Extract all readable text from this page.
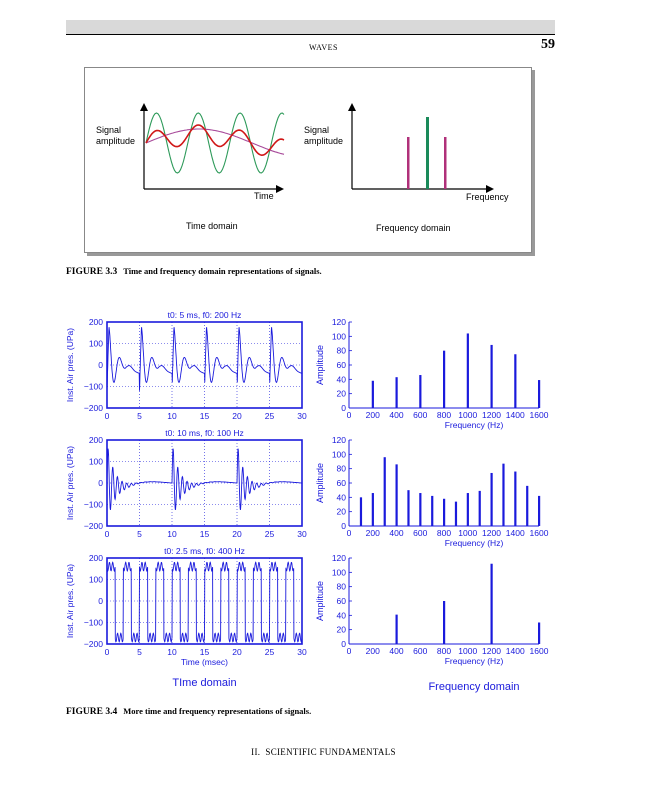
WAVES	59
Signal
amplitude
Time
Time domain
Signal
amplitude
Frequency
Frequency domain
FIGURE 3.3 Time and frequency domain representations of signals.
t0: 5 ms, f0: 200 Hz
200
100
0
−100
−200
0	5	10	15	20	25	30
Inst. Air pres. (UPa)
120
100
80
60
40
20
0
0 200 400 600 800 1000 1200 1400 1600
Amplitude
Frequency (Hz)
t0: 10 ms, f0: 100 Hz
200
100
0
−100
−200
0	5	10	15	20	25	30
Inst. Air pres. (UPa)
120
100
80
60
40
20
0
0 200 400 600 800 1000 1200 1400 1600
Amplitude
Frequency (Hz)
t0: 2.5 ms, f0: 400 Hz
200
100
0
−100
−200
0	5	10	15	20	25	30
Inst. Air pres. (UPa)
Time (msec)
120
100
80
60
40
20
0
0 200 400 600 800 1000 1200 1400 1600
Amplitude
Frequency (Hz)
TIme domain	Frequency domain
FIGURE 3.4 More time and frequency representations of signals.
II.  SCIENTIFIC FUNDAMENTALS
